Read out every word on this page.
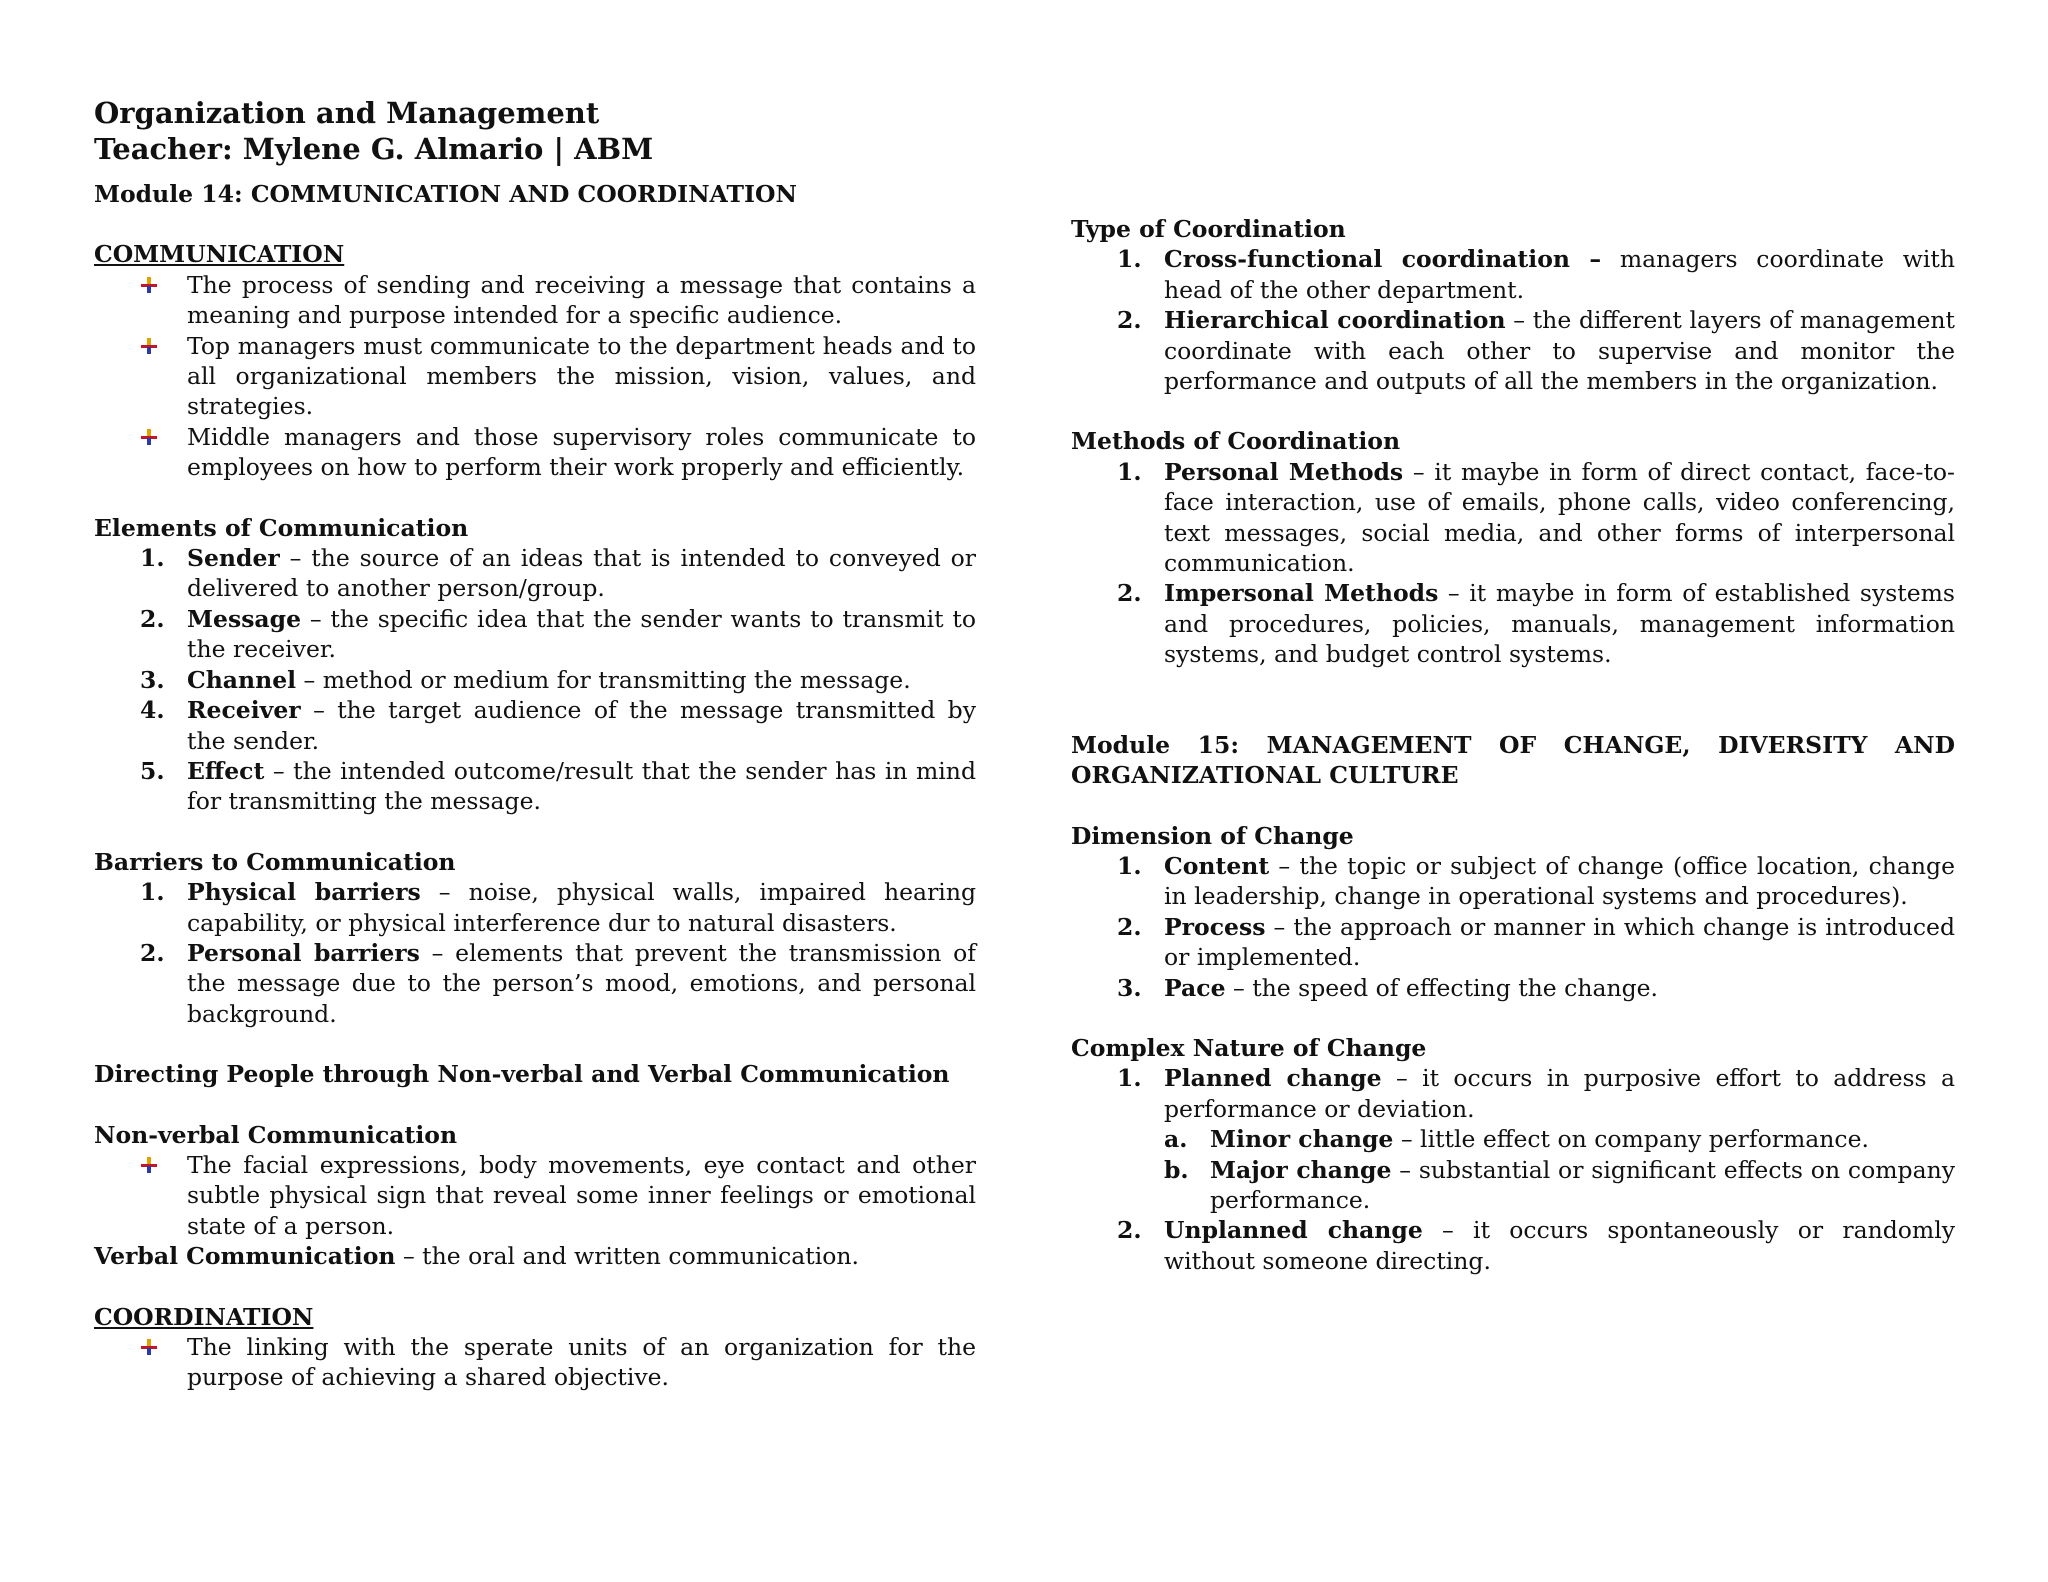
Organization and Management
Teacher: Mylene G. Almario | ABM
Module 14: COMMUNICATION AND COORDINATION
COMMUNICATION
The process of sending and receiving a message that contains a meaning and purpose intended for a specific audience.
Top managers must communicate to the department heads and to all organizational members the mission, vision, values, and strategies.
Middle managers and those supervisory roles communicate to employees on how to perform their work properly and efficiently.
Elements of Communication
1. Sender – the source of an ideas that is intended to conveyed or delivered to another person/group.
2. Message – the specific idea that the sender wants to transmit to the receiver.
3. Channel – method or medium for transmitting the message.
4. Receiver – the target audience of the message transmitted by the sender.
5. Effect – the intended outcome/result that the sender has in mind for transmitting the message.
Barriers to Communication
1. Physical barriers – noise, physical walls, impaired hearing capability, or physical interference dur to natural disasters.
2. Personal barriers – elements that prevent the transmission of the message due to the person’s mood, emotions, and personal background.
Directing People through Non-verbal and Verbal Communication
Non-verbal Communication
The facial expressions, body movements, eye contact and other subtle physical sign that reveal some inner feelings or emotional state of a person.
Verbal Communication – the oral and written communication.
COORDINATION
The linking with the sperate units of an organization for the purpose of achieving a shared objective.
Type of Coordination
1. Cross-functional coordination – managers coordinate with head of the other department.
2. Hierarchical coordination – the different layers of management coordinate with each other to supervise and monitor the performance and outputs of all the members in the organization.
Methods of Coordination
1. Personal Methods – it maybe in form of direct contact, face-to-face interaction, use of emails, phone calls, video conferencing, text messages, social media, and other forms of interpersonal communication.
2. Impersonal Methods – it maybe in form of established systems and procedures, policies, manuals, management information systems, and budget control systems.
Module 15: MANAGEMENT OF CHANGE, DIVERSITY AND ORGANIZATIONAL CULTURE
Dimension of Change
1. Content – the topic or subject of change (office location, change in leadership, change in operational systems and procedures).
2. Process – the approach or manner in which change is introduced or implemented.
3. Pace – the speed of effecting the change.
Complex Nature of Change
1. Planned change – it occurs in purposive effort to address a performance or deviation.
a. Minor change – little effect on company performance.
b. Major change – substantial or significant effects on company performance.
2. Unplanned change – it occurs spontaneously or randomly without someone directing.
